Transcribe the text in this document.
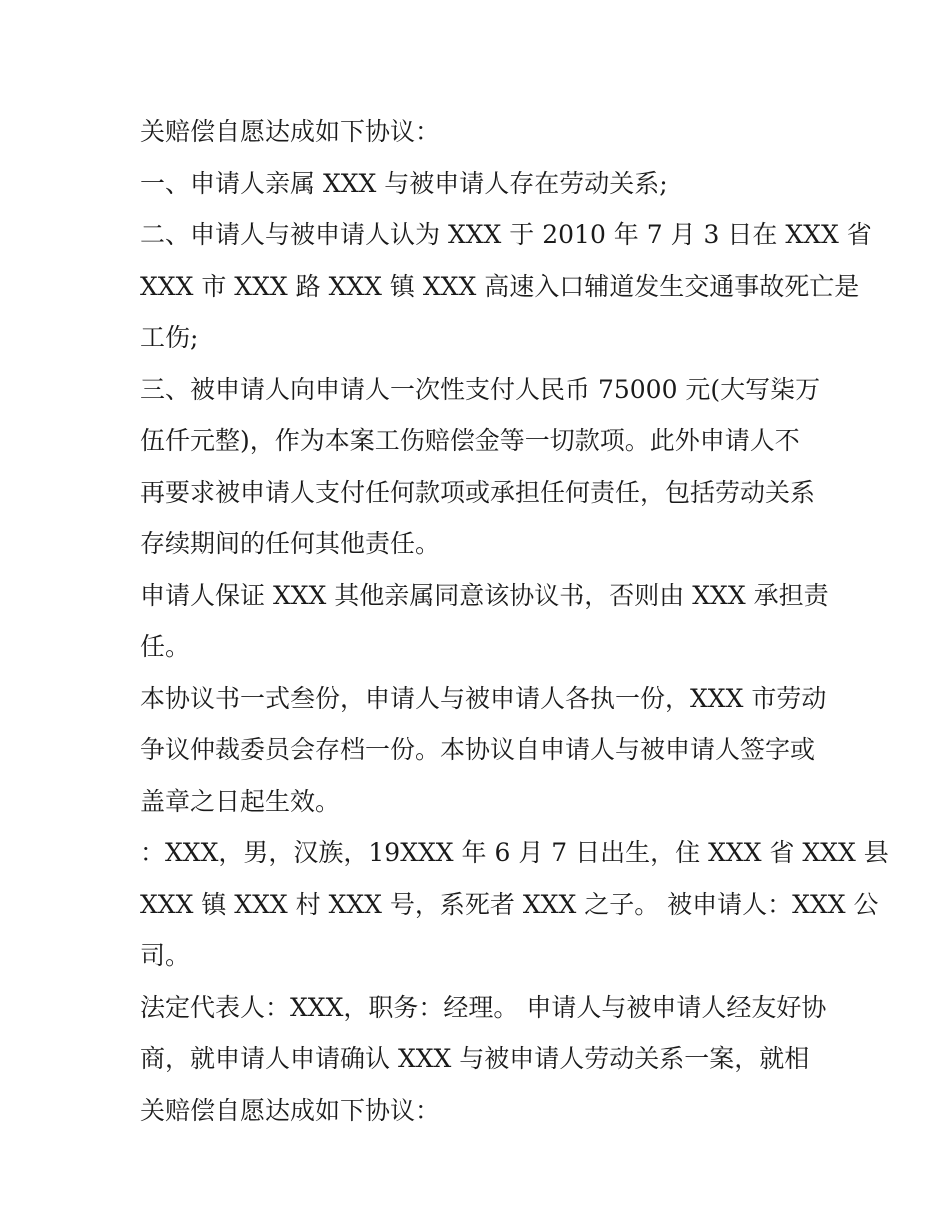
关赔偿自愿达成如下协议：
一、申请人亲属 XXX 与被申请人存在劳动关系;
二、申请人与被申请人认为 XXX 于 2010 年 7 月 3 日在 XXX 省
XXX 市 XXX 路 XXX 镇 XXX 高速入口辅道发生交通事故死亡是
工伤;
三、被申请人向申请人一次性支付人民币 75000 元(大写柒万
伍仟元整)，作为本案工伤赔偿金等一切款项。此外申请人不
再要求被申请人支付任何款项或承担任何责任，包括劳动关系
存续期间的任何其他责任。
申请人保证 XXX 其他亲属同意该协议书，否则由 XXX 承担责
任。
本协议书一式叁份，申请人与被申请人各执一份，XXX 市劳动
争议仲裁委员会存档一份。本协议自申请人与被申请人签字或
盖章之日起生效。
：XXX，男，汉族，19XXX 年 6 月 7 日出生，住 XXX 省 XXX 县
XXX 镇 XXX 村 XXX 号，系死者 XXX 之子。 被申请人：XXX 公
司。
法定代表人：XXX，职务：经理。 申请人与被申请人经友好协
商，就申请人申请确认 XXX 与被申请人劳动关系一案，就相
关赔偿自愿达成如下协议：
